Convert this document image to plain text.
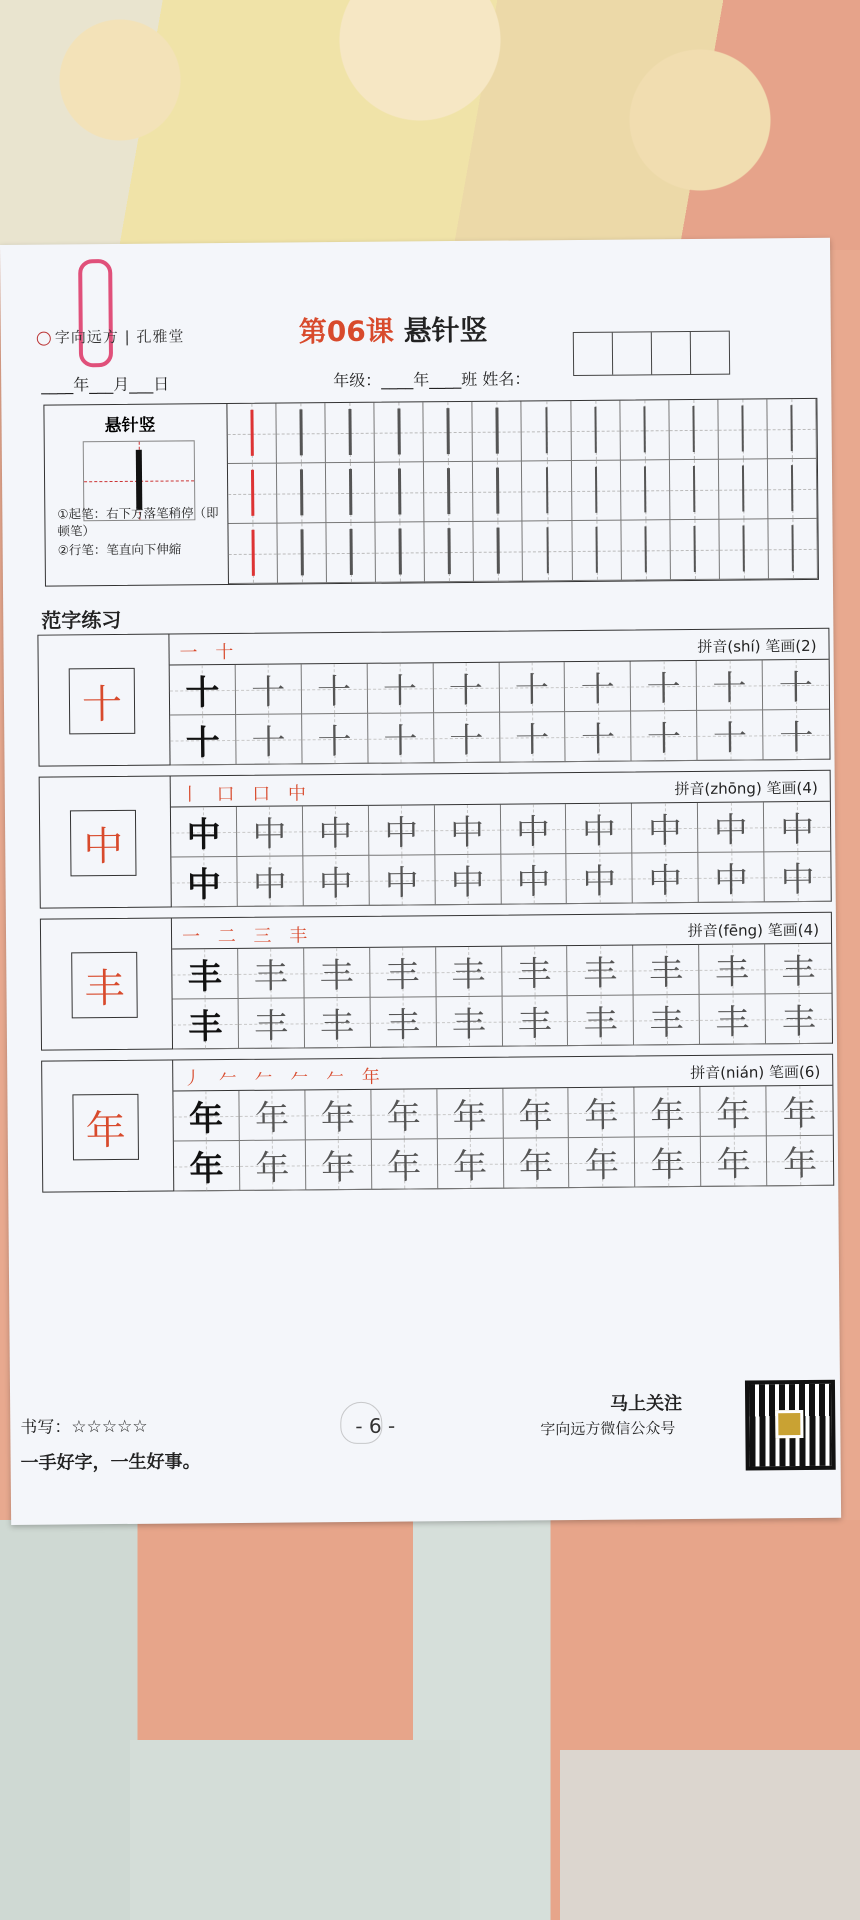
字向远方 | 孔雅堂	第06课 悬针竖
____年___月___日	年级：____年____班 姓名：
悬针竖
①起笔：右下方落笔稍停（即顿笔）
②行笔：笔直向下伸縮
范字练习
十
一 十	拼音(shí) 笔画(2)
十 十 十 十 十 十 十 十 十 十
十 十 十 十 十 十 十 十 十 十
中
丨 口 口 中	拼音(zhōng) 笔画(4)
中 中 中 中 中 中 中 中 中 中
中 中 中 中 中 中 中 中 中 中
丰
一 二 三 丰	拼音(fēng) 笔画(4)
丰 丰 丰 丰 丰 丰 丰 丰 丰 丰
丰 丰 丰 丰 丰 丰 丰 丰 丰 丰
年
丿 𠂉 𠂉 𠂉 𠂉 年	拼音(nián) 笔画(6)
年 年 年 年 年 年 年 年 年 年
年 年 年 年 年 年 年 年 年 年
书写：☆☆☆☆☆
一手好字，一生好事。
- 6 -
马上关注
字向远方微信公众号
